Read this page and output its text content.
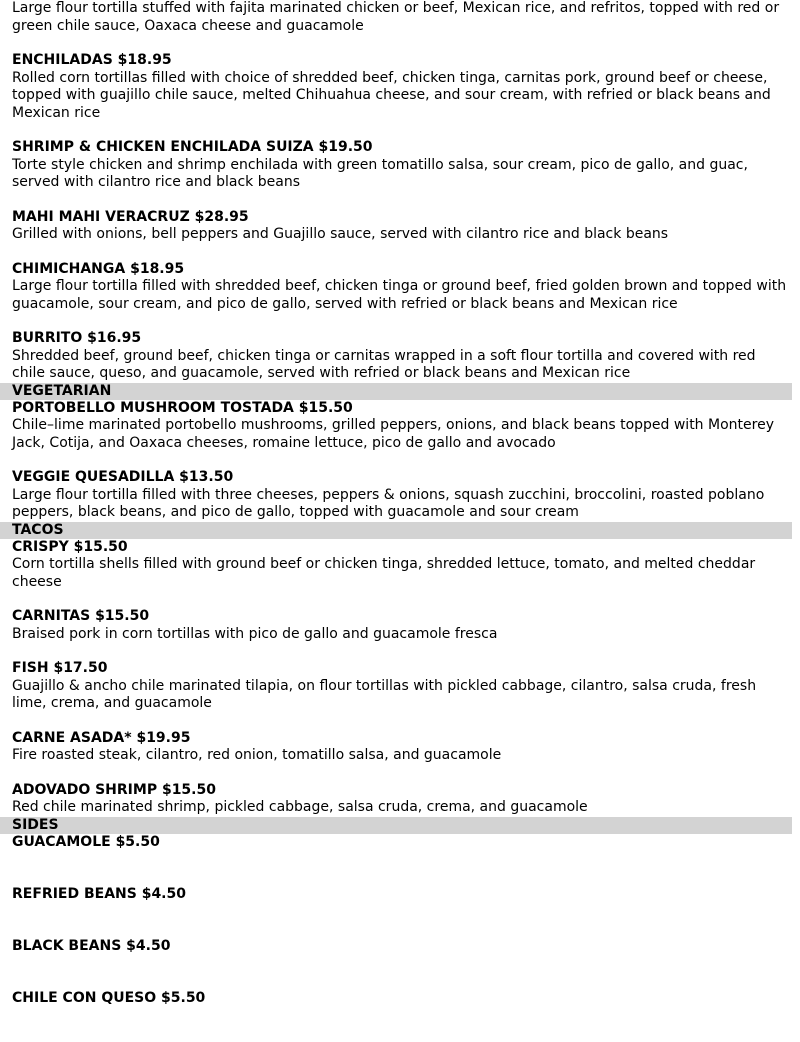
Large flour tortilla stuffed with fajita marinated chicken or beef, Mexican rice, and refritos, topped with red or green chile sauce, Oaxaca cheese and guacamole
ENCHILADAS $18.95
Rolled corn tortillas filled with choice of shredded beef, chicken tinga, carnitas pork, ground beef or cheese, topped with guajillo chile sauce, melted Chihuahua cheese, and sour cream, with refried or black beans and Mexican rice
SHRIMP & CHICKEN ENCHILADA SUIZA $19.50
Torte style chicken and shrimp enchilada with green tomatillo salsa, sour cream, pico de gallo, and guac, served with cilantro rice and black beans
MAHI MAHI VERACRUZ $28.95
Grilled with onions, bell peppers and Guajillo sauce, served with cilantro rice and black beans
CHIMICHANGA $18.95
Large flour tortilla filled with shredded beef, chicken tinga or ground beef, fried golden brown and topped with guacamole, sour cream, and pico de gallo, served with refried or black beans and Mexican rice
BURRITO $16.95
Shredded beef, ground beef, chicken tinga or carnitas wrapped in a soft flour tortilla and covered with red chile sauce, queso, and guacamole, served with refried or black beans and Mexican rice
VEGETARIAN
PORTOBELLO MUSHROOM TOSTADA $15.50
Chile–lime marinated portobello mushrooms, grilled peppers, onions, and black beans topped with Monterey Jack, Cotija, and Oaxaca cheeses, romaine lettuce, pico de gallo and avocado
VEGGIE QUESADILLA $13.50
Large flour tortilla filled with three cheeses, peppers & onions, squash zucchini, broccolini, roasted poblano peppers, black beans, and pico de gallo, topped with guacamole and sour cream
TACOS
CRISPY $15.50
Corn tortilla shells filled with ground beef or chicken tinga, shredded lettuce, tomato, and melted cheddar cheese
CARNITAS $15.50
Braised pork in corn tortillas with pico de gallo and guacamole fresca
FISH $17.50
Guajillo & ancho chile marinated tilapia, on flour tortillas with pickled cabbage, cilantro, salsa cruda, fresh lime, crema, and guacamole
CARNE ASADA* $19.95
Fire roasted steak, cilantro, red onion, tomatillo salsa, and guacamole
ADOVADO SHRIMP $15.50
Red chile marinated shrimp, pickled cabbage, salsa cruda, crema, and guacamole
SIDES
GUACAMOLE $5.50
REFRIED BEANS $4.50
BLACK BEANS $4.50
CHILE CON QUESO $5.50
